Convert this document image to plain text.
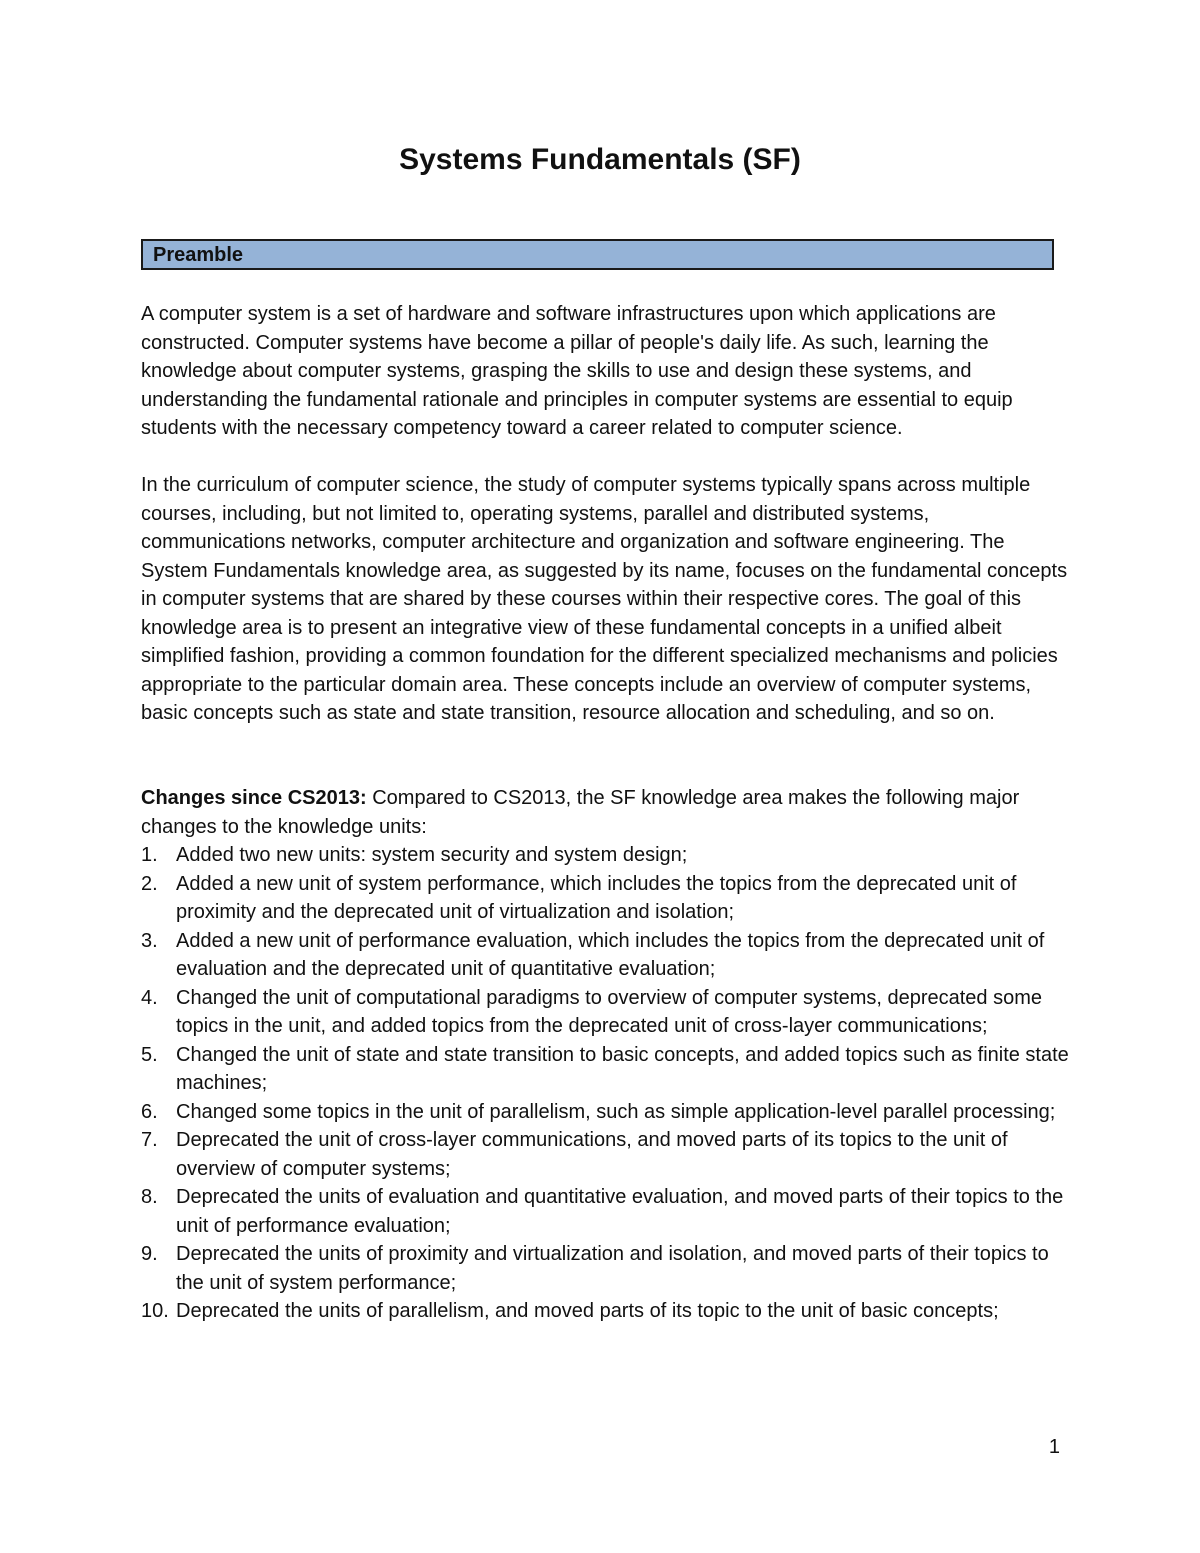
Systems Fundamentals (SF)
Preamble

A computer system is a set of hardware and software infrastructures upon which applications are constructed. Computer systems have become a pillar of people's daily life. As such, learning the knowledge about computer systems, grasping the skills to use and design these systems, and understanding the fundamental rationale and principles in computer systems are essential to equip students with the necessary competency toward a career related to computer science.

In the curriculum of computer science, the study of computer systems typically spans across multiple courses, including, but not limited to, operating systems, parallel and distributed systems, communications networks, computer architecture and organization and software engineering. The System Fundamentals knowledge area, as suggested by its name, focuses on the fundamental concepts in computer systems that are shared by these courses within their respective cores. The goal of this knowledge area is to present an integrative view of these fundamental concepts in a unified albeit simplified fashion, providing a common foundation for the different specialized mechanisms and policies appropriate to the particular domain area. These concepts include an overview of computer systems, basic concepts such as state and state transition, resource allocation and scheduling, and so on.

Changes since CS2013: Compared to CS2013, the SF knowledge area makes the following major changes to the knowledge units:

1. Added two new units: system security and system design;
2. Added a new unit of system performance, which includes the topics from the deprecated unit of proximity and the deprecated unit of virtualization and isolation;
3. Added a new unit of performance evaluation, which includes the topics from the deprecated unit of evaluation and the deprecated unit of quantitative evaluation;
4. Changed the unit of computational paradigms to overview of computer systems, deprecated some topics in the unit, and added topics from the deprecated unit of cross-layer communications;
5. Changed the unit of state and state transition to basic concepts, and added topics such as finite state machines;
6. Changed some topics in the unit of parallelism, such as simple application-level parallel processing;
7. Deprecated the unit of cross-layer communications, and moved parts of its topics to the unit of overview of computer systems;
8. Deprecated the units of evaluation and quantitative evaluation, and moved parts of their topics to the unit of performance evaluation;
9. Deprecated the units of proximity and virtualization and isolation, and moved parts of their topics to the unit of system performance;
10. Deprecated the units of parallelism, and moved parts of its topic to the unit of basic concepts;
1
